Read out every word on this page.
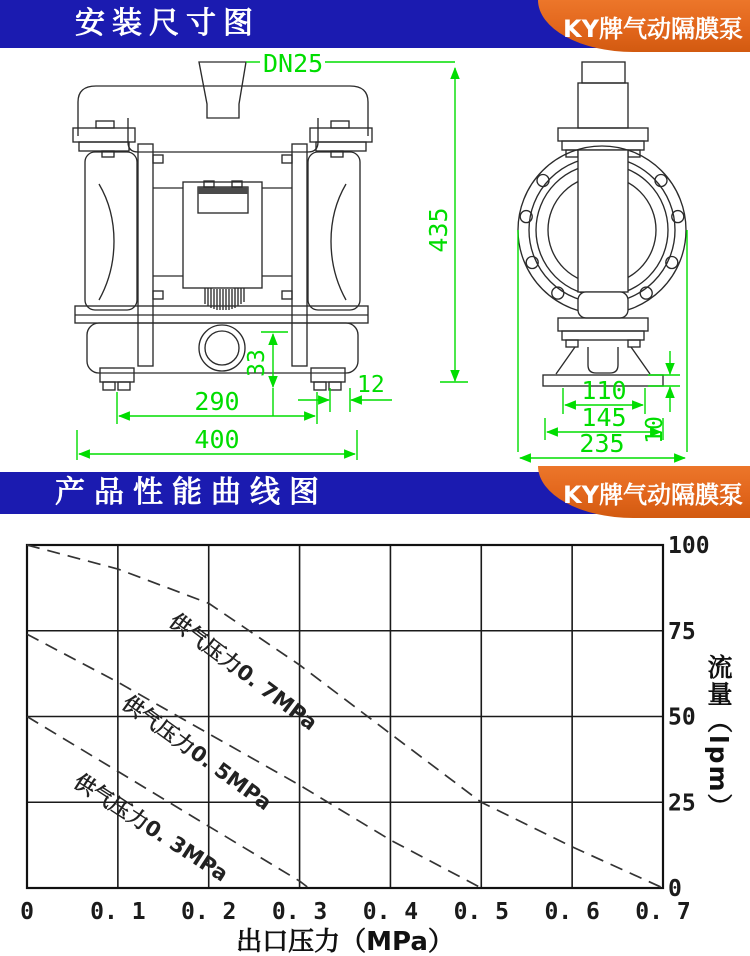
安装尺寸图	KY牌气动隔膜泵
DN25
435
33
12
290
400	235
145
110
10
产品性能曲线图	KY牌气动隔膜泵
供气压力0. 7MPa
供气压力0. 5MPa
供气压力0. 3MPa
0 0. 1 0. 2 0. 3 0. 4 0. 5 0. 6 0. 7
100
75
50
25
0
出口压力（MPa）
流量（lpm）
